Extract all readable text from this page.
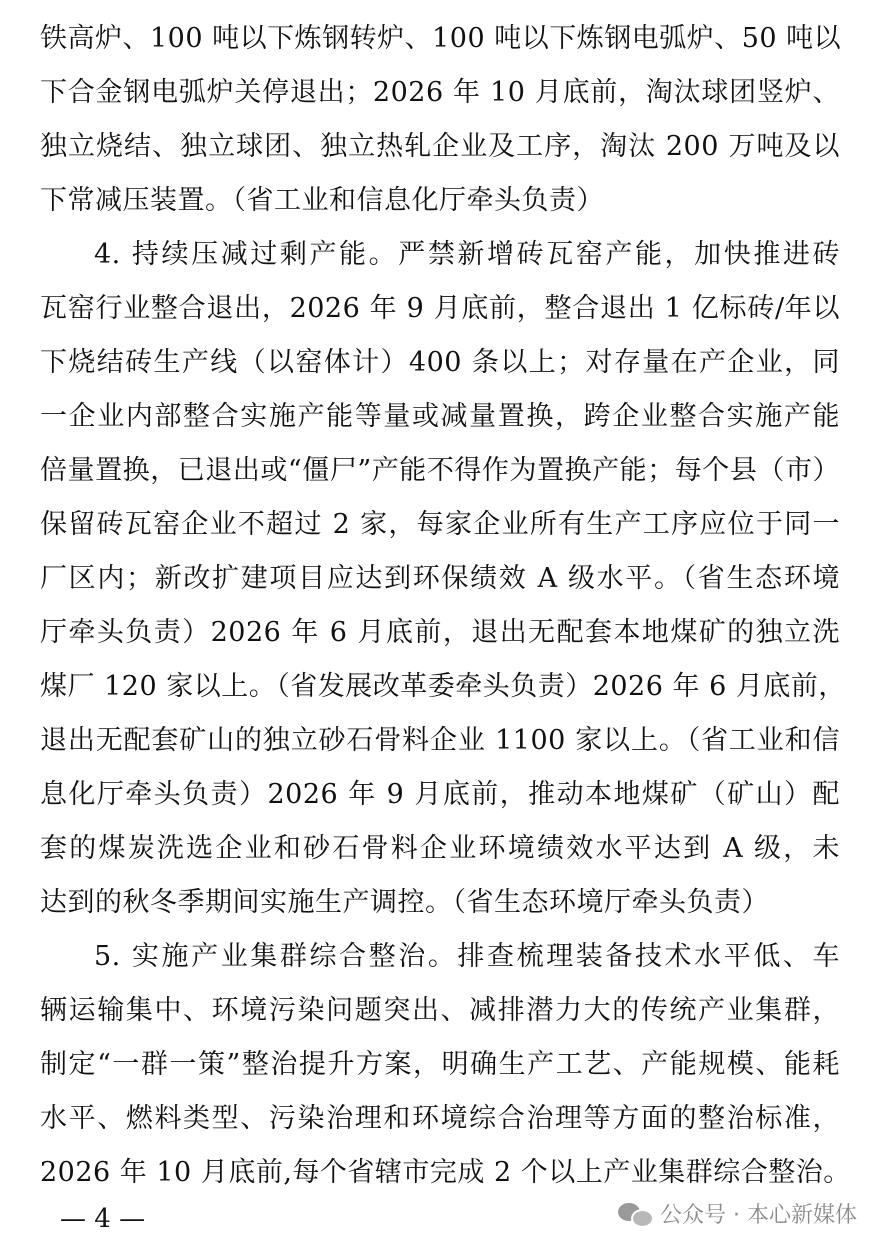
铁高炉、100 吨以下炼钢转炉、100 吨以下炼钢电弧炉、50 吨以
下合金钢电弧炉关停退出；2026 年 10 月底前，淘汰球团竖炉、
独立烧结、独立球团、独立热轧企业及工序，淘汰 200 万吨及以
下常减压装置。（省工业和信息化厅牵头负责）
4. 持续压减过剩产能。严禁新增砖瓦窑产能，加快推进砖
瓦窑行业整合退出，2026 年 9 月底前，整合退出 1 亿标砖/年以
下烧结砖生产线（以窑体计）400 条以上；对存量在产企业，同
一企业内部整合实施产能等量或减量置换，跨企业整合实施产能
倍量置换，已退出或“僵尸”产能不得作为置换产能；每个县（市）
保留砖瓦窑企业不超过 2 家，每家企业所有生产工序应位于同一
厂区内；新改扩建项目应达到环保绩效 A 级水平。（省生态环境
厅牵头负责）2026 年 6 月底前，退出无配套本地煤矿的独立洗
煤厂 120 家以上。（省发展改革委牵头负责）2026 年 6 月底前，
退出无配套矿山的独立砂石骨料企业 1100 家以上。（省工业和信
息化厅牵头负责）2026 年 9 月底前，推动本地煤矿（矿山）配
套的煤炭洗选企业和砂石骨料企业环境绩效水平达到 A 级，未
达到的秋冬季期间实施生产调控。（省生态环境厅牵头负责）
5. 实施产业集群综合整治。排查梳理装备技术水平低、车
辆运输集中、环境污染问题突出、减排潜力大的传统产业集群，
制定“一群一策”整治提升方案，明确生产工艺、产能规模、能耗
水平、燃料类型、污染治理和环境综合治理等方面的整治标准，
2026 年 10 月底前,每个省辖市完成 2 个以上产业集群综合整治。
— 4 —	公众号 · 本心新媒体
